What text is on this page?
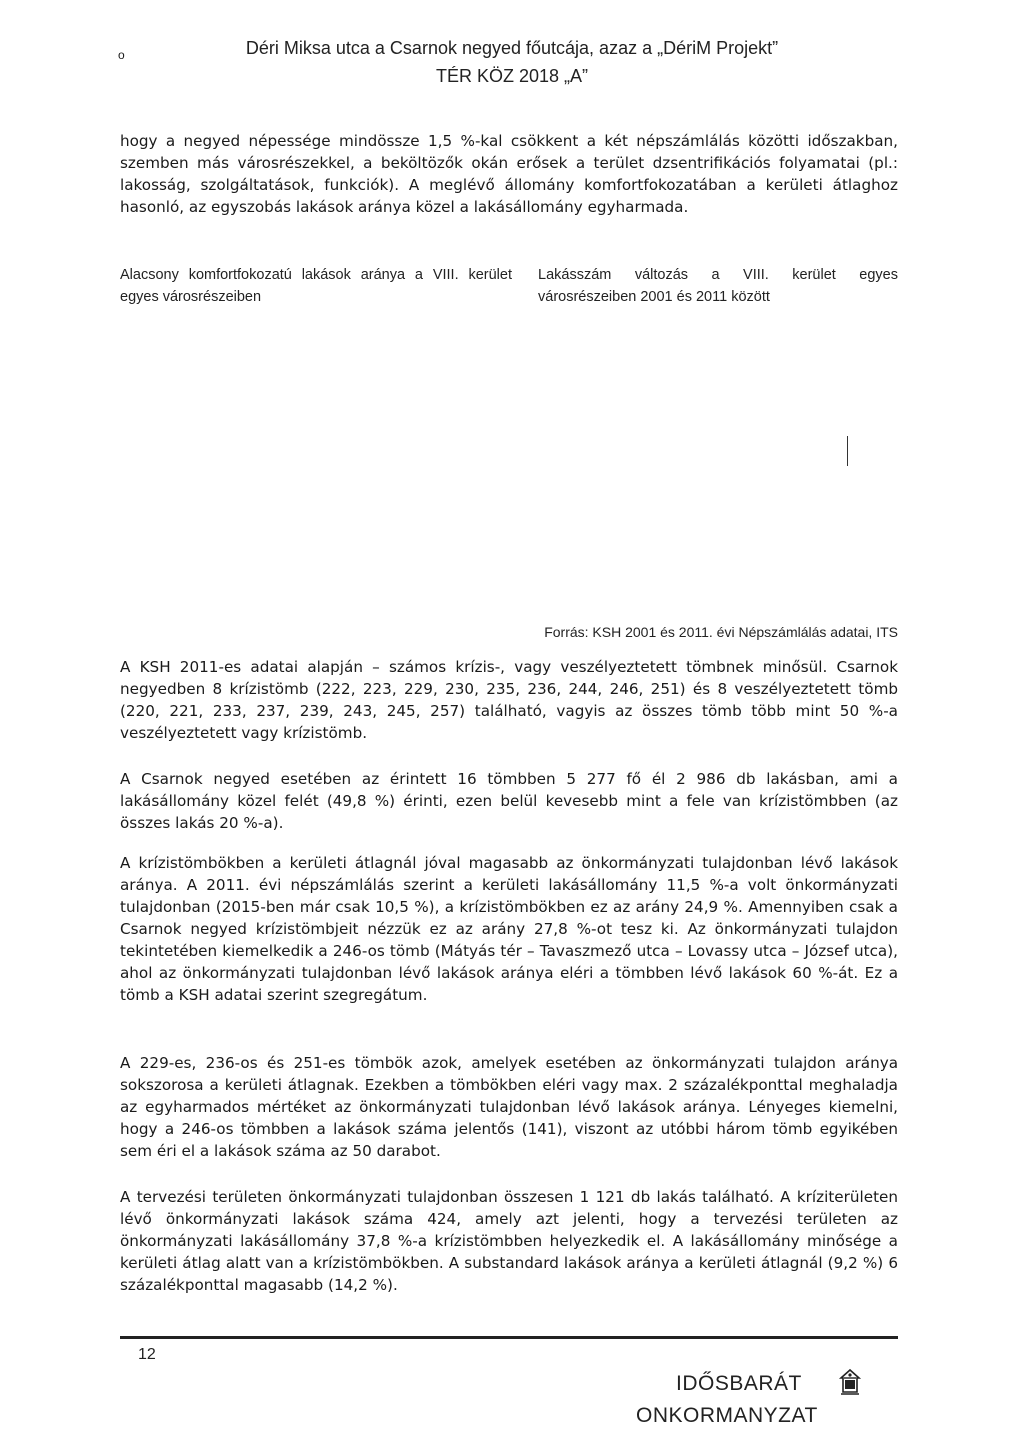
o	Déri Miksa utca a Csarnok negyed főutcája, azaz a „DériM Projekt”
TÉR KÖZ 2018 „A”

hogy a negyed népessége mindössze 1,5 %-kal csökkent a két népszámlálás közötti időszakban, szemben más városrészekkel, a beköltözők okán erősek a terület dzsentrifikációs folyamatai (pl.: lakosság, szolgáltatások, funkciók). A meglévő állomány komfortfokozatában a kerületi átlaghoz hasonló, az egyszobás lakások aránya közel a lakásállomány egyharmada.

Alacsony komfortfokozatú lakások aránya a VIII. kerület egyes városrészeiben

Lakásszám változás a VIII. kerület egyes városrészeiben 2001 és 2011 között

Forrás: KSH 2001 és 2011. évi Népszámlálás adatai, ITS

A KSH 2011-es adatai alapján – számos krízis-, vagy veszélyeztetett tömbnek minősül. Csarnok negyedben 8 krízistömb (222, 223, 229, 230, 235, 236, 244, 246, 251) és 8 veszélyeztetett tömb (220, 221, 233, 237, 239, 243, 245, 257) található, vagyis az összes tömb több mint 50 %-a veszélyeztetett vagy krízistömb.

A Csarnok negyed esetében az érintett 16 tömbben 5 277 fő él 2 986 db lakásban, ami a lakásállomány közel felét (49,8 %) érinti, ezen belül kevesebb mint a fele van krízistömbben (az összes lakás 20 %-a).

A krízistömbökben a kerületi átlagnál jóval magasabb az önkormányzati tulajdonban lévő lakások aránya. A 2011. évi népszámlálás szerint a kerületi lakásállomány 11,5 %-a volt önkormányzati tulajdonban (2015-ben már csak 10,5 %), a krízistömbökben ez az arány 24,9 %. Amennyiben csak a Csarnok negyed krízistömbjeit nézzük ez az arány 27,8 %-ot tesz ki. Az önkormányzati tulajdon tekintetében kiemelkedik a 246-os tömb (Mátyás tér – Tavaszmező utca – Lovassy utca – József utca), ahol az önkormányzati tulajdonban lévő lakások aránya eléri a tömbben lévő lakások 60 %-át. Ez a tömb a KSH adatai szerint szegregátum.

A 229-es, 236-os és 251-es tömbök azok, amelyek esetében az önkormányzati tulajdon aránya sokszorosa a kerületi átlagnak. Ezekben a tömbökben eléri vagy max. 2 százalékponttal meghaladja az egyharmados mértéket az önkormányzati tulajdonban lévő lakások aránya. Lényeges kiemelni, hogy a 246-os tömbben a lakások száma jelentős (141), viszont az utóbbi három tömb egyikében sem éri el a lakások száma az 50 darabot.

A tervezési területen önkormányzati tulajdonban összesen 1 121 db lakás található. A kríziterületen lévő önkormányzati lakások száma 424, amely azt jelenti, hogy a tervezési területen az önkormányzati lakásállomány 37,8 %-a krízistömbben helyezkedik el. A lakásállomány minősége a kerületi átlag alatt van a krízistömbökben. A substandard lakások aránya a kerületi átlagnál (9,2 %) 6 százalékponttal magasabb (14,2 %).

12
IDŐSBARÁT
ONKORMANYZAT
